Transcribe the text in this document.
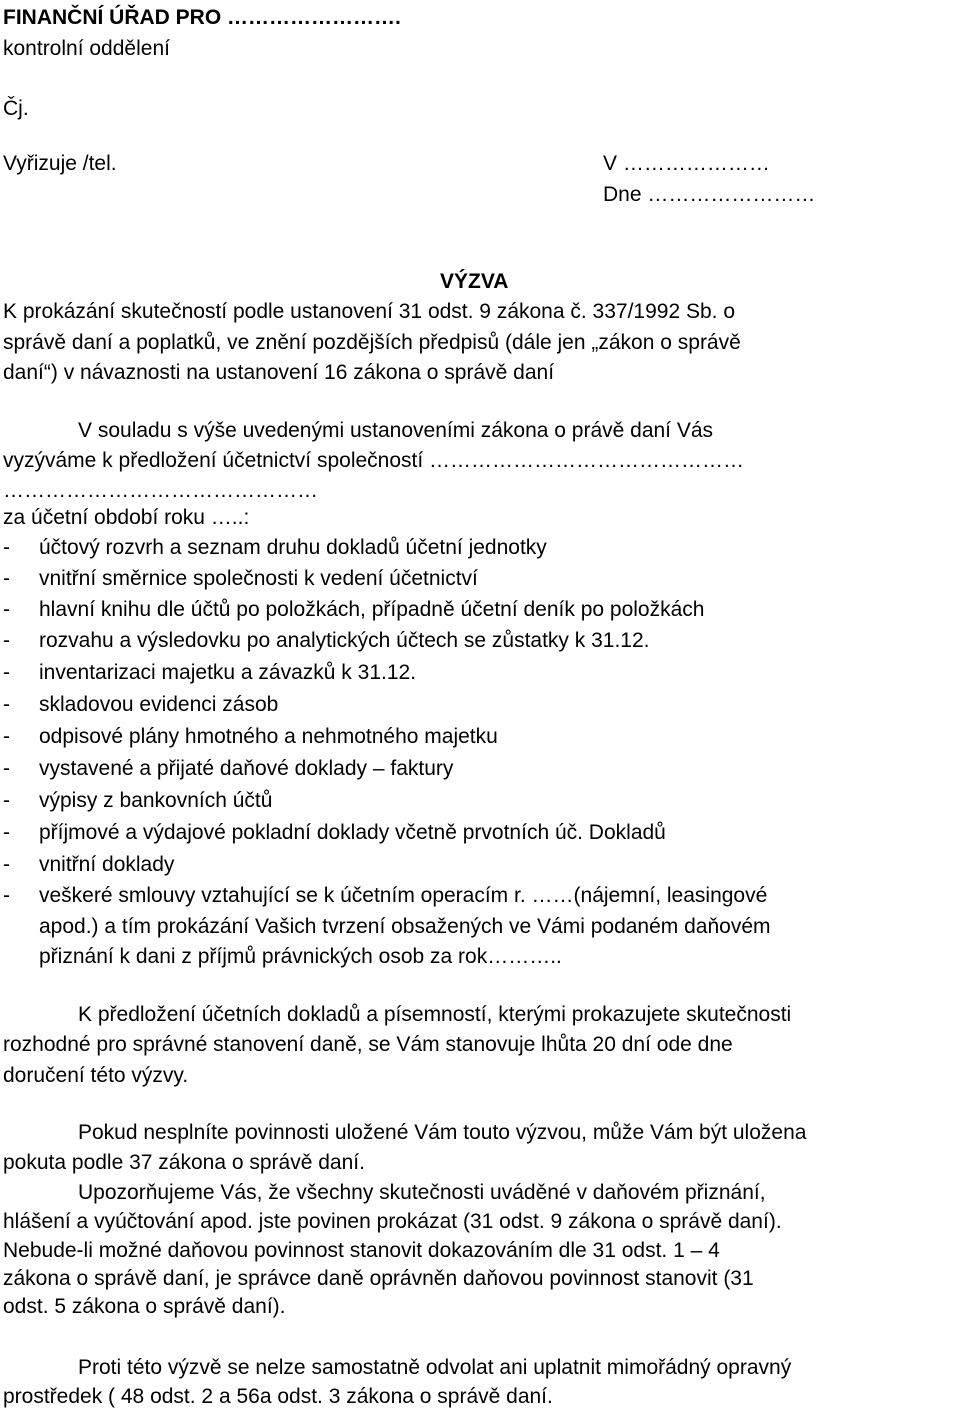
FINANČNÍ ÚŘAD PRO …………………….
kontrolní oddělení
Čj.
Vyřizuje /tel.	V …………………
Dne ……………………
VÝZVA
K prokázání skutečností podle ustanovení 31 odst. 9 zákona č. 337/1992 Sb. o
správě daní a poplatků, ve znění pozdějších předpisů (dále jen „zákon o správě
daní“) v návaznosti na ustanovení 16 zákona o správě daní
V souladu s výše uvedenými ustanoveními zákona o právě daní Vás
vyzýváme k předložení účetnictví společností ………………………………………
………………………………………
za účetní období roku …..:
- účtový rozvrh a seznam druhu dokladů účetní jednotky
- vnitřní směrnice společnosti k vedení účetnictví
- hlavní knihu dle účtů po položkách, případně účetní deník po položkách
- rozvahu a výsledovku po analytických účtech se zůstatky k 31.12.
- inventarizaci majetku a závazků k 31.12.
- skladovou evidenci zásob
- odpisové plány hmotného a nehmotného majetku
- vystavené a přijaté daňové doklady – faktury
- výpisy z bankovních účtů
- příjmové a výdajové pokladní doklady včetně prvotních úč. Dokladů
- vnitřní doklady
- veškeré smlouvy vztahující se k účetním operacím r. ……(nájemní, leasingové
apod.) a tím prokázání Vašich tvrzení obsažených ve Vámi podaném daňovém
přiznání k dani z příjmů právnických osob za rok………..
K předložení účetních dokladů a písemností, kterými prokazujete skutečnosti
rozhodné pro správné stanovení daně, se Vám stanovuje lhůta 20 dní ode dne
doručení této výzvy.
Pokud nesplníte povinnosti uložené Vám touto výzvou, může Vám být uložena
pokuta podle 37 zákona o správě daní.
Upozorňujeme Vás, že všechny skutečnosti uváděné v daňovém přiznání,
hlášení a vyúčtování apod. jste povinen prokázat (31 odst. 9 zákona o správě daní).
Nebude-li možné daňovou povinnost stanovit dokazováním dle 31 odst. 1 – 4
zákona o správě daní, je správce daně oprávněn daňovou povinnost stanovit (31
odst. 5 zákona o správě daní).
Proti této výzvě se nelze samostatně odvolat ani uplatnit mimořádný opravný
prostředek ( 48 odst. 2 a 56a odst. 3 zákona o správě daní.
